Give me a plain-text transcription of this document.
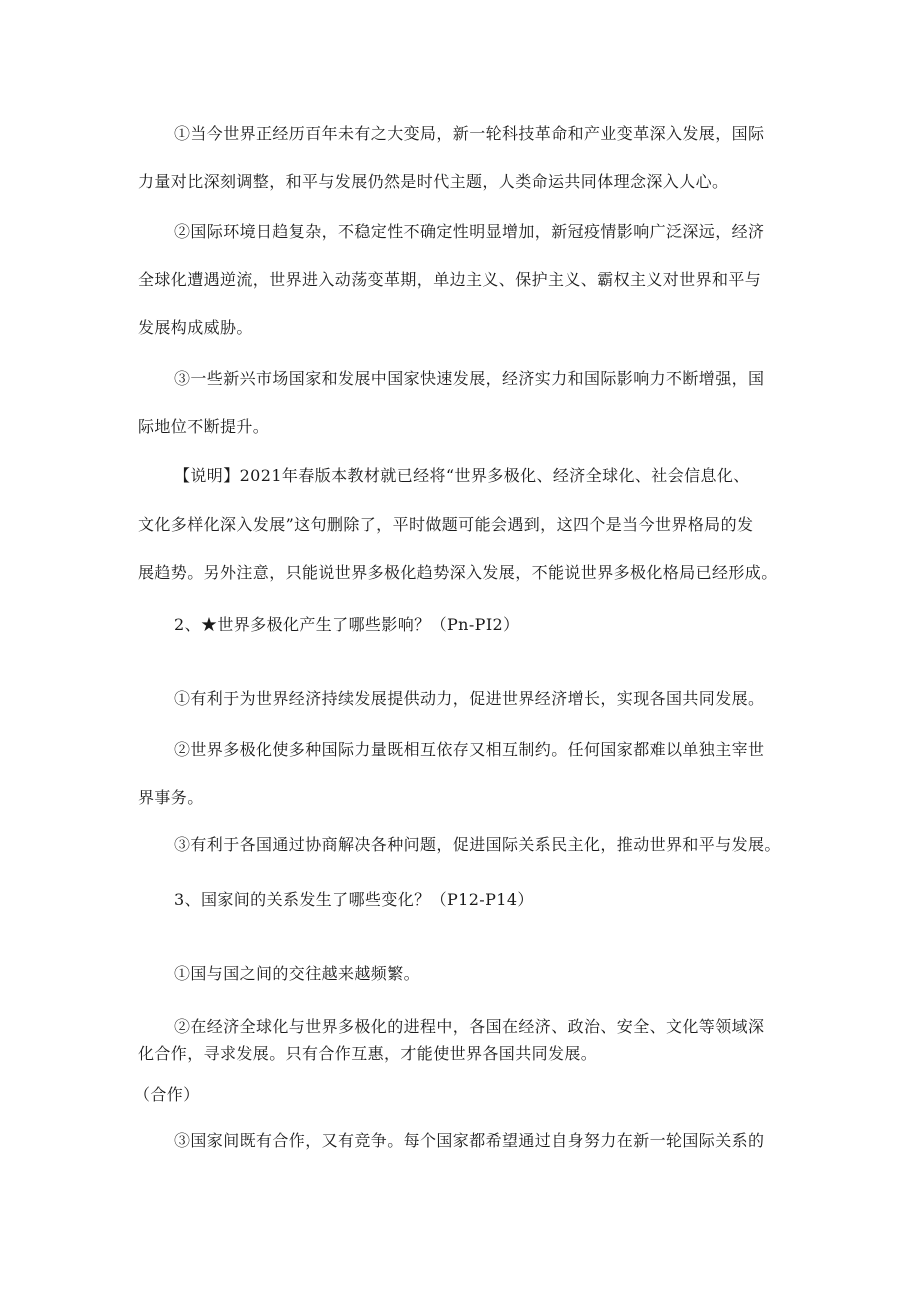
①当今世界正经历百年未有之大变局，新一轮科技革命和产业变革深入发展，国际
力量对比深刻调整，和平与发展仍然是时代主题，人类命运共同体理念深入人心。
②国际环境日趋复杂，不稳定性不确定性明显增加，新冠疫情影响广泛深远，经济
全球化遭遇逆流，世界进入动荡变革期，单边主义、保护主义、霸权主义对世界和平与
发展构成威胁。
③一些新兴市场国家和发展中国家快速发展，经济实力和国际影响力不断增强，国
际地位不断提升。
【说明】2021年春版本教材就已经将“世界多极化、经济全球化、社会信息化、
文化多样化深入发展”这句删除了，平时做题可能会遇到，这四个是当今世界格局的发
展趋势。另外注意，只能说世界多极化趋势深入发展，不能说世界多极化格局已经形成。
2、★世界多极化产生了哪些影响？（Pn-PI2）
①有利于为世界经济持续发展提供动力，促进世界经济增长，实现各国共同发展。
②世界多极化使多种国际力量既相互依存又相互制约。任何国家都难以单独主宰世
界事务。
③有利于各国通过协商解决各种问题，促进国际关系民主化，推动世界和平与发展。
3、国家间的关系发生了哪些变化？（P12-P14）
①国与国之间的交往越来越频繁。
②在经济全球化与世界多极化的进程中，各国在经济、政治、安全、文化等领域深
化合作，寻求发展。只有合作互惠，才能使世界各国共同发展。
（合作）
③国家间既有合作，又有竞争。每个国家都希望通过自身努力在新一轮国际关系的
